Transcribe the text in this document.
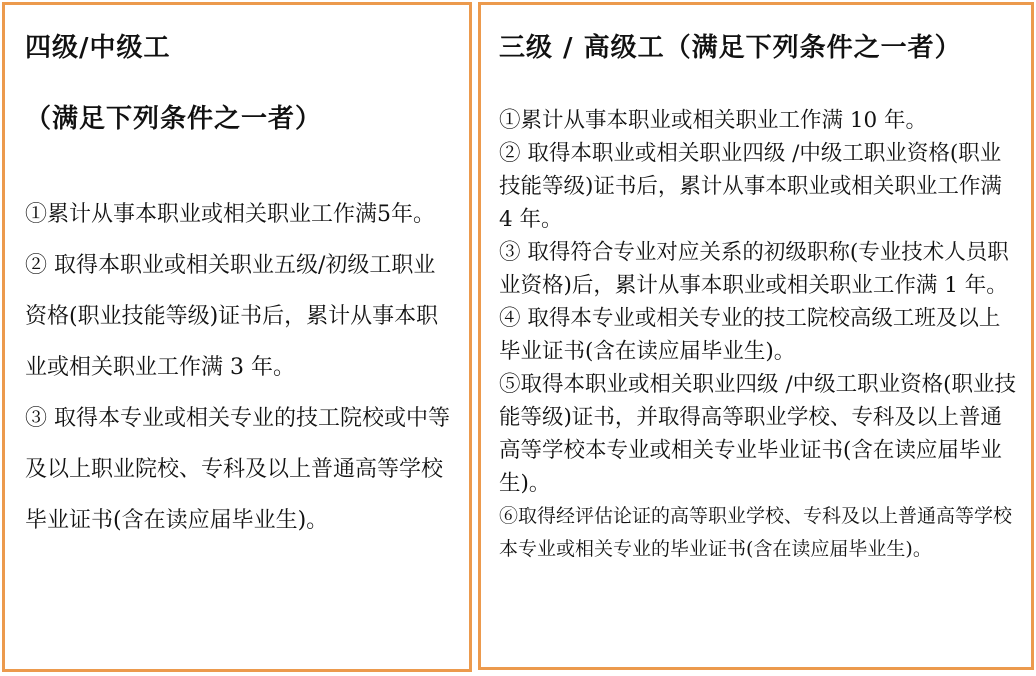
四级/中级工
（满足下列条件之一者）

①累计从事本职业或相关职业工作满5年。

② 取得本职业或相关职业五级/初级工职业资格(职业技能等级)证书后，累计从事本职业或相关职业工作满 3 年。

③ 取得本专业或相关专业的技工院校或中等及以上职业院校、专科及以上普通高等学校毕业证书(含在读应届毕业生)。

三级 / 高级工（满足下列条件之一者）

①累计从事本职业或相关职业工作满 10 年。

② 取得本职业或相关职业四级 /中级工职业资格(职业技能等级)证书后，累计从事本职业或相关职业工作满 4 年。

③ 取得符合专业对应关系的初级职称(专业技术人员职业资格)后，累计从事本职业或相关职业工作满 1 年。

④ 取得本专业或相关专业的技工院校高级工班及以上毕业证书(含在读应届毕业生)。

⑤取得本职业或相关职业四级 /中级工职业资格(职业技能等级)证书，并取得高等职业学校、专科及以上普通高等学校本专业或相关专业毕业证书(含在读应届毕业生)。

⑥取得经评估论证的高等职业学校、专科及以上普通高等学校本专业或相关专业的毕业证书(含在读应届毕业生)。
